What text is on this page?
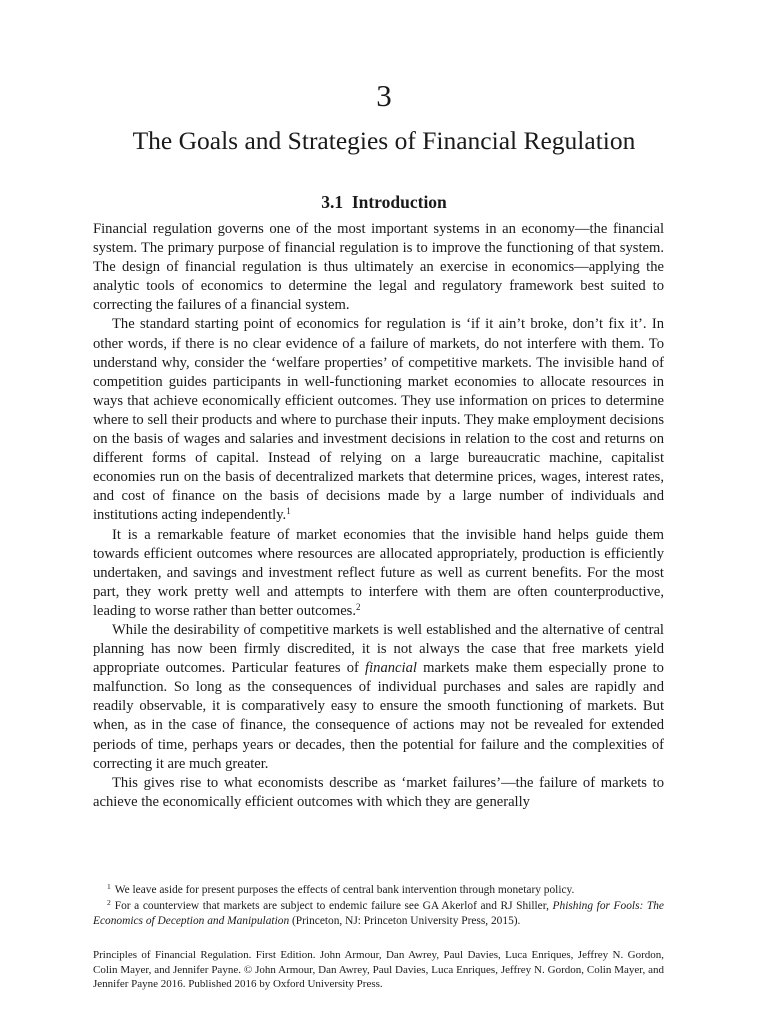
3
The Goals and Strategies of Financial Regulation
3.1 Introduction

Financial regulation governs one of the most important systems in an economy—the financial system. The primary purpose of financial regulation is to improve the functioning of that system. The design of financial regulation is thus ultimately an exercise in economics—applying the analytic tools of economics to determine the legal and regulatory framework best suited to correcting the failures of a financial system.

The standard starting point of economics for regulation is ‘if it ain’t broke, don’t fix it’. In other words, if there is no clear evidence of a failure of markets, do not interfere with them. To understand why, consider the ‘welfare properties’ of competitive markets. The invisible hand of competition guides participants in well-functioning market economies to allocate resources in ways that achieve economically efficient outcomes. They use information on prices to determine where to sell their products and where to purchase their inputs. They make employment decisions on the basis of wages and salaries and investment decisions in relation to the cost and returns on different forms of capital. Instead of relying on a large bureaucratic machine, capitalist economies run on the basis of decentralized markets that determine prices, wages, interest rates, and cost of finance on the basis of decisions made by a large number of individuals and institutions acting independently.$^1$

It is a remarkable feature of market economies that the invisible hand helps guide them towards efficient outcomes where resources are allocated appropriately, production is efficiently undertaken, and savings and investment reflect future as well as current benefits. For the most part, they work pretty well and attempts to interfere with them are often counterproductive, leading to worse rather than better outcomes.$^2$

While the desirability of competitive markets is well established and the alternative of central planning has now been firmly discredited, it is not always the case that free markets yield appropriate outcomes. Particular features of financial markets make them especially prone to malfunction. So long as the consequences of individual purchases and sales are rapidly and readily observable, it is comparatively easy to ensure the smooth functioning of markets. But when, as in the case of finance, the consequence of actions may not be revealed for extended periods of time, perhaps years or decades, then the potential for failure and the complexities of correcting it are much greater.

This gives rise to what economists describe as ‘market failures’—the failure of markets to achieve the economically efficient outcomes with which they are generally

$^1$ We leave aside for present purposes the effects of central bank intervention through monetary policy.

$^2$ For a counterview that markets are subject to endemic failure see GA Akerlof and RJ Shiller, Phishing for Fools: The Economics of Deception and Manipulation (Princeton, NJ: Princeton University Press, 2015).

Principles of Financial Regulation. First Edition. John Armour, Dan Awrey, Paul Davies, Luca Enriques, Jeffrey N. Gordon, Colin Mayer, and Jennifer Payne. © John Armour, Dan Awrey, Paul Davies, Luca Enriques, Jeffrey N. Gordon, Colin Mayer, and Jennifer Payne 2016. Published 2016 by Oxford University Press.
